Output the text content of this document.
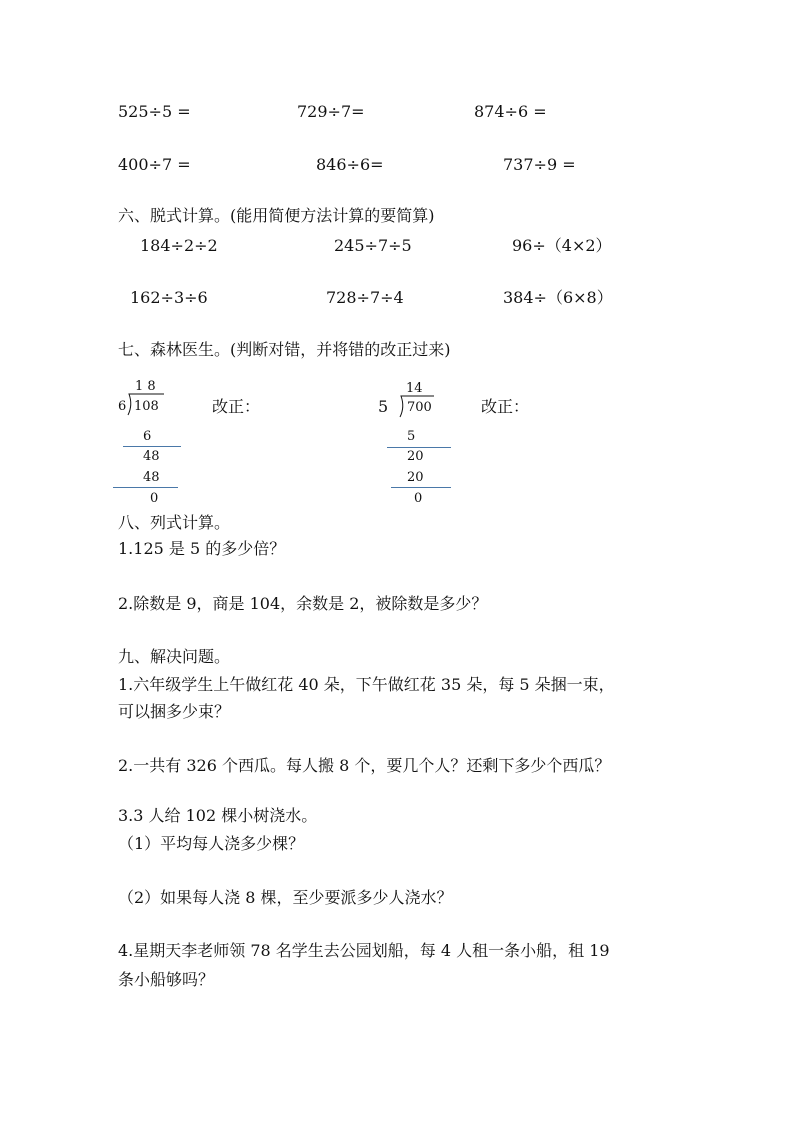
525÷5 =	729÷7=	874÷6 =
400÷7 =	846÷6=	737÷9 =
六、脱式计算。(能用简便方法计算的要简算)
184÷2÷2	245÷7÷5	96÷（4×2）
162÷3÷6	728÷7÷4	384÷（6×8）
七、森林医生。(判断对错，并将错的改正过来)
1 8
6 108
6
48
48
0
改正：
14
5 700
5
20
20
0
改正：
八、列式计算。
1.125 是 5 的多少倍？
2.除数是 9，商是 104，余数是 2，被除数是多少？
九、解决问题。
1.六年级学生上午做红花 40 朵，下午做红花 35 朵，每 5 朵捆一束，
可以捆多少束？
2.一共有 326 个西瓜。每人搬 8 个，要几个人？还剩下多少个西瓜？
3.3 人给 102 棵小树浇水。
（1）平均每人浇多少棵？
（2）如果每人浇 8 棵，至少要派多少人浇水？
4.星期天李老师领 78 名学生去公园划船，每 4 人租一条小船，租 19
条小船够吗？
